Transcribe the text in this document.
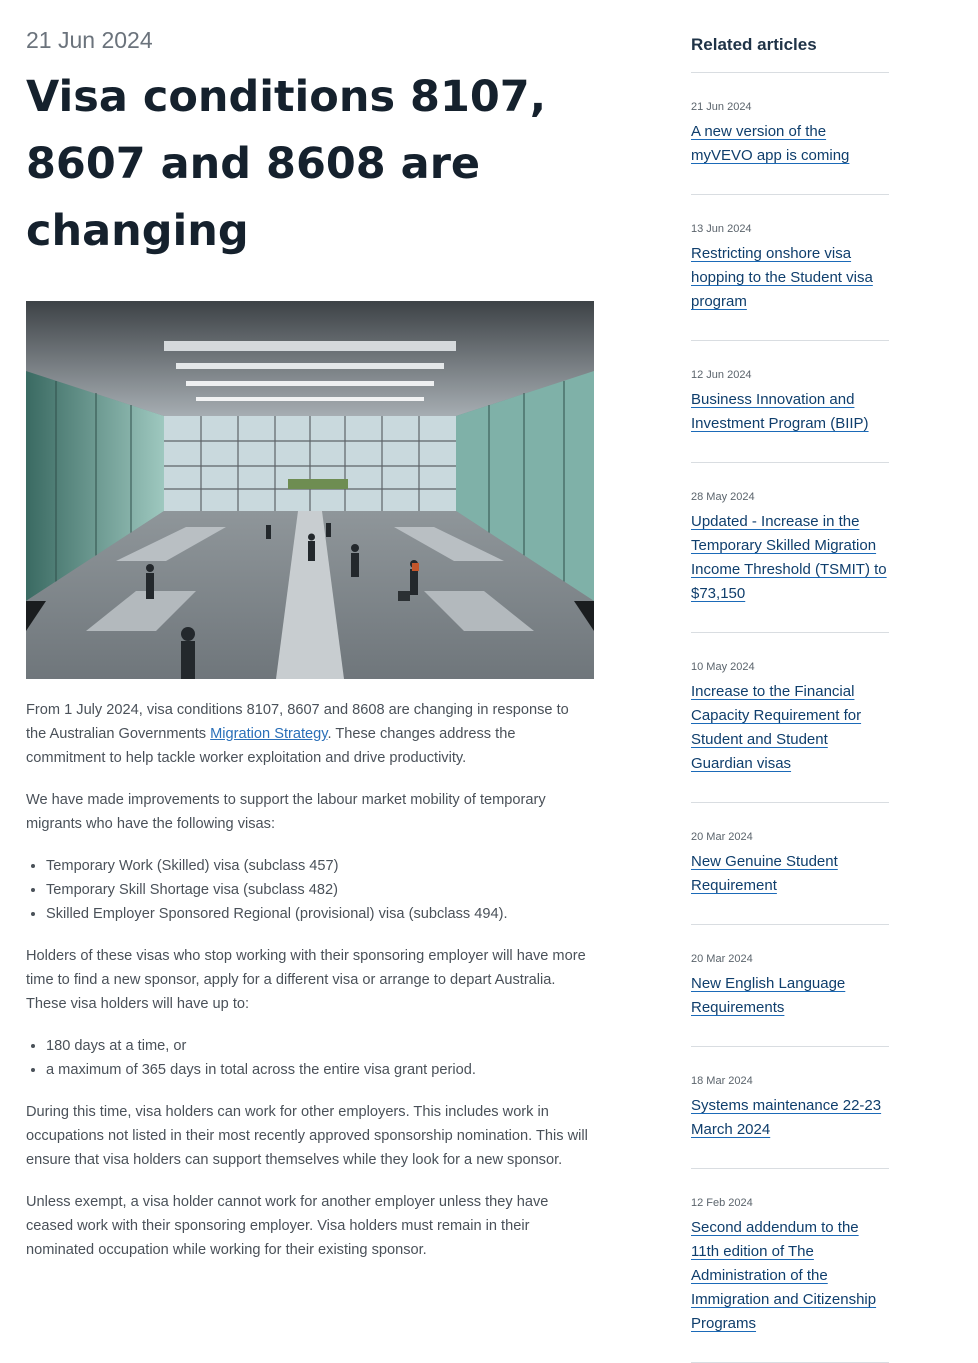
21 Jun 2024

Visa conditions 8107, 8607 and 8608 are changing

From 1 July 2024, visa conditions 8107, 8607 and 8608 are changing in response to the Australian Governments Migration Strategy. These changes address the commitment to help tackle worker exploitation and drive productivity.

We have made improvements to support the labour market mobility of temporary migrants who have the following visas:

• Temporary Work (Skilled) visa (subclass 457)
• Temporary Skill Shortage visa (subclass 482)
• Skilled Employer Sponsored Regional (provisional) visa (subclass 494).

Holders of these visas who stop working with their sponsoring employer will have more time to find a new sponsor, apply for a different visa or arrange to depart Australia. These visa holders will have up to:

• 180 days at a time, or
• a maximum of 365 days in total across the entire visa grant period.

During this time, visa holders can work for other employers. This includes work in occupations not listed in their most recently approved sponsorship nomination. This will ensure that visa holders can support themselves while they look for a new sponsor.

Unless exempt, a visa holder cannot work for another employer unless they have ceased work with their sponsoring employer. Visa holders must remain in their nominated occupation while working for their existing sponsor.

Related articles
21 Jun 2024
A new version of the myVEVO app is coming
13 Jun 2024
Restricting onshore visa hopping to the Student visa program
12 Jun 2024
Business Innovation and Investment Program (BIIP)
28 May 2024
Updated - Increase in the Temporary Skilled Migration Income Threshold (TSMIT) to $73,150
10 May 2024
Increase to the Financial Capacity Requirement for Student and Student Guardian visas
20 Mar 2024
New Genuine Student Requirement
20 Mar 2024
New English Language Requirements
18 Mar 2024
Systems maintenance 22-23 March 2024
12 Feb 2024
Second addendum to the 11th edition of The Administration of the Immigration and Citizenship Programs
